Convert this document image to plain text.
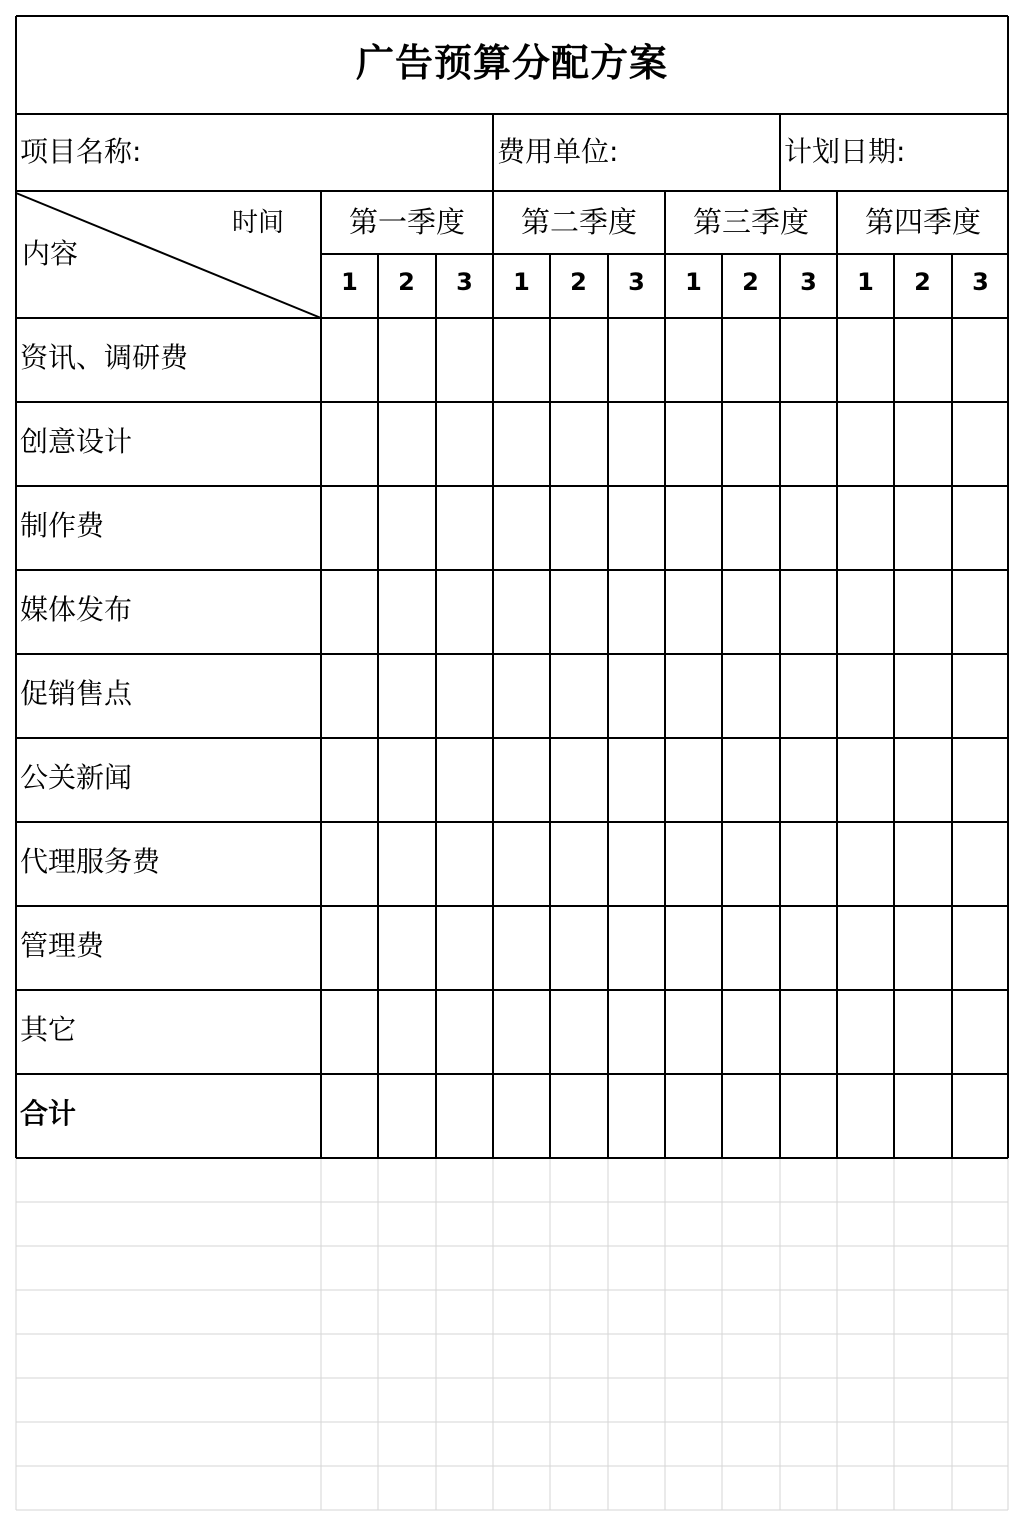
广告预算分配方案
项目名称:	费用单位:	计划日期:
时间
内容
第一季度	第二季度	第三季度	第四季度
1	2	3	1	2	3	1	2	3	1	2	3
资讯、调研费
创意设计
制作费
媒体发布
促销售点
公关新闻
代理服务费
管理费
其它
合计
